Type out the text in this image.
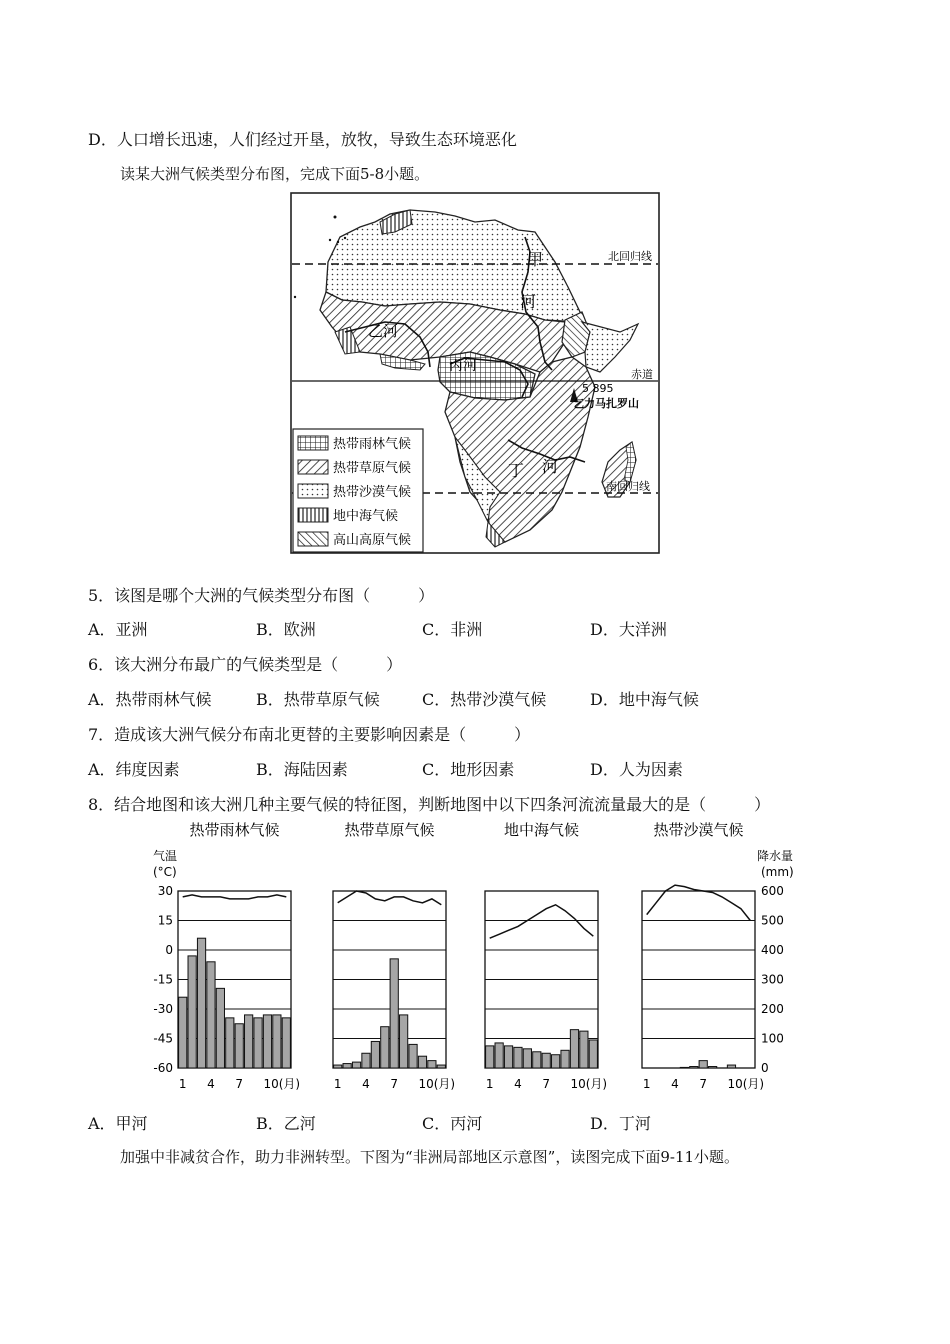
D．人口增长迅速，人们经过开垦，放牧，导致生态环境恶化
读某大洲气候类型分布图，完成下面5-8小题。
甲
河
乙河
丙河
丁 河
北回归线
赤道
南回归线
5 895
乞力马扎罗山
热带雨林气候
热带草原气候
热带沙漠气候
地中海气候
高山高原气候
5．该图是哪个大洲的气候类型分布图（　　　）
A．亚洲	B．欧洲	C．非洲	D．大洋洲
6．该大洲分布最广的气候类型是（　　　）
A．热带雨林气候	B．热带草原气候	C．热带沙漠气候	D．地中海气候
7．造成该大洲气候分布南北更替的主要影响因素是（　　　）
A．纬度因素	B．海陆因素	C．地形因素	D．人为因素
8．结合地图和该大洲几种主要气候的特征图，判断地图中以下四条河流流量最大的是（　　　）
气温
(°C)
30
15
0
-15
-30
-45
-60
降水量
(mm)
600
500
400
300
200
100
0
热带雨林气候
1 4 7 10(月)
热带草原气候
1 4 7 10(月)
地中海气候
1 4 7 10(月)
热带沙漠气候
1 4 7 10(月)
A．甲河	B．乙河	C．丙河	D．丁河
加强中非减贫合作，助力非洲转型。下图为“非洲局部地区示意图”，读图完成下面9-11小题。
